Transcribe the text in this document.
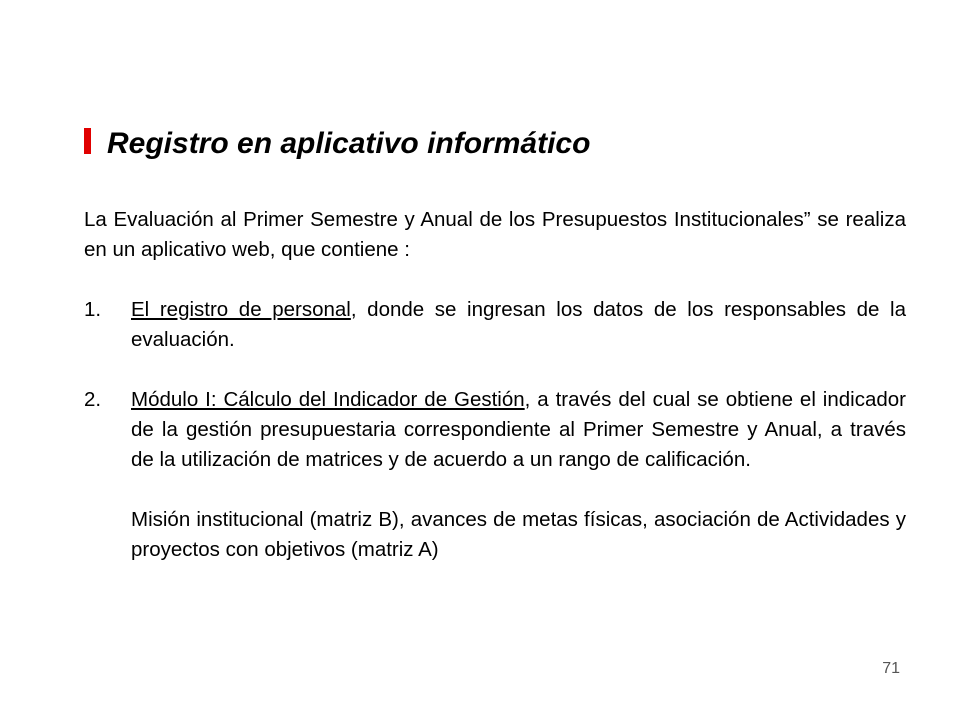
Registro en aplicativo informático

La Evaluación al Primer Semestre y Anual de los Presupuestos Institucionales” se realiza en un aplicativo web, que contiene :

1.	El registro de personal, donde se ingresan los datos de los responsables de la evaluación.

2.	Módulo I: Cálculo del Indicador de Gestión, a través del cual se obtiene el indicador de la gestión presupuestaria correspondiente al Primer Semestre y Anual, a través de la utilización de matrices y de acuerdo a un rango de calificación.

Misión institucional (matriz B), avances de metas físicas, asociación de Actividades y proyectos con objetivos (matriz A)

71
